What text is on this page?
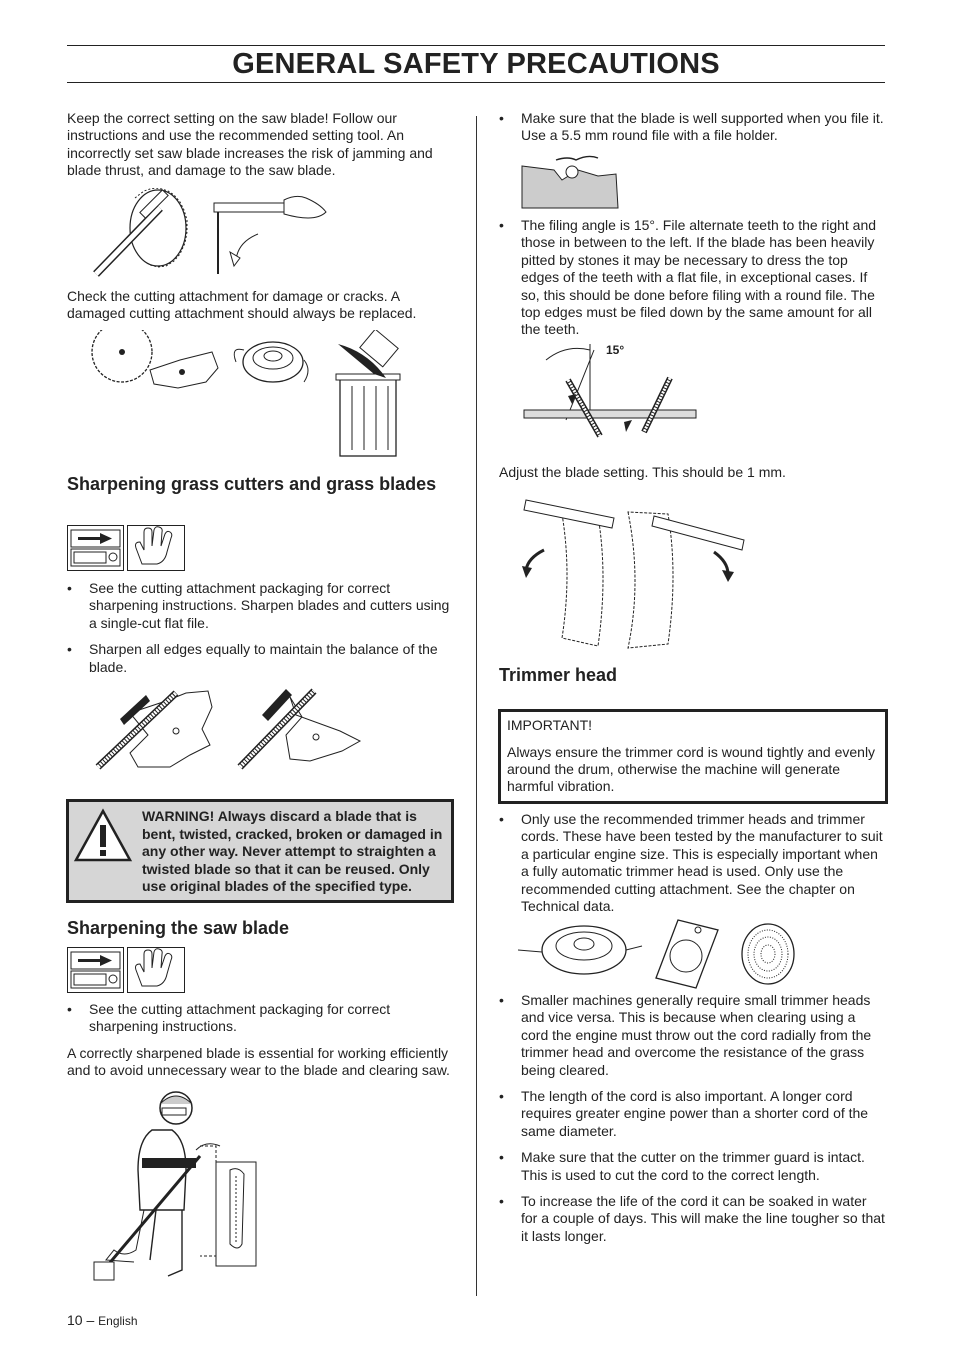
GENERAL SAFETY PRECAUTIONS
Keep the correct setting on the saw blade! Follow our instructions and use the recommended setting tool. An incorrectly set saw blade increases the risk of jamming and blade thrust, and damage to the saw blade.
Check the cutting attachment for damage or cracks. A damaged cutting attachment should always be replaced.
Sharpening grass cutters and grass blades
• See the cutting attachment packaging for correct sharpening instructions. Sharpen blades and cutters using a single-cut flat file.
• Sharpen all edges equally to maintain the balance of the blade.
WARNING! Always discard a blade that is bent, twisted, cracked, broken or damaged in any other way. Never attempt to straighten a twisted blade so that it can be reused. Only use original blades of the specified type.
Sharpening the saw blade
• See the cutting attachment packaging for correct sharpening instructions.
A correctly sharpened blade is essential for working efficiently and to avoid unnecessary wear to the blade and clearing saw.
10 – English
• Make sure that the blade is well supported when you file it. Use a 5.5 mm round file with a file holder.
• The filing angle is 15°. File alternate teeth to the right and those in between to the left. If the blade has been heavily pitted by stones it may be necessary to dress the top edges of the teeth with a flat file, in exceptional cases. If so, this should be done before filing with a round file. The top edges must be filed down by the same amount for all the teeth.
15°
Adjust the blade setting. This should be 1 mm.
Trimmer head
IMPORTANT!
Always ensure the trimmer cord is wound tightly and evenly around the drum, otherwise the machine will generate harmful vibration.
• Only use the recommended trimmer heads and trimmer cords. These have been tested by the manufacturer to suit a particular engine size. This is especially important when a fully automatic trimmer head is used. Only use the recommended cutting attachment. See the chapter on Technical data.
• Smaller machines generally require small trimmer heads and vice versa. This is because when clearing using a cord the engine must throw out the cord radially from the trimmer head and overcome the resistance of the grass being cleared.
• The length of the cord is also important. A longer cord requires greater engine power than a shorter cord of the same diameter.
• Make sure that the cutter on the trimmer guard is intact. This is used to cut the cord to the correct length.
• To increase the life of the cord it can be soaked in water for a couple of days. This will make the line tougher so that it lasts longer.
